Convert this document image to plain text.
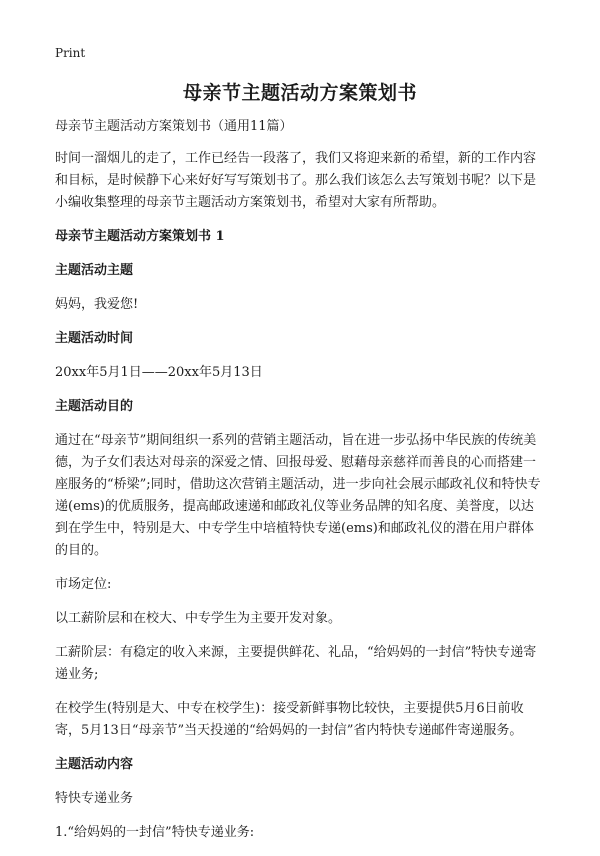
Print
母亲节主题活动方案策划书
母亲节主题活动方案策划书（通用11篇）
时间一溜烟儿的走了，工作已经告一段落了，我们又将迎来新的希望，新的工作内容和目标，是时候静下心来好好写写策划书了。那么我们该怎么去写策划书呢？以下是小编收集整理的母亲节主题活动方案策划书，希望对大家有所帮助。
母亲节主题活动方案策划书 1
主题活动主题
妈妈，我爱您!
主题活动时间
20xx年5月1日——20xx年5月13日
主题活动目的
通过在“母亲节”期间组织一系列的营销主题活动，旨在进一步弘扬中华民族的传统美德，为子女们表达对母亲的深爱之情、回报母爱、慰藉母亲慈祥而善良的心而搭建一座服务的“桥梁”;同时，借助这次营销主题活动，进一步向社会展示邮政礼仪和特快专递(ems)的优质服务，提高邮政速递和邮政礼仪等业务品牌的知名度、美誉度，以达到在学生中，特别是大、中专学生中培植特快专递(ems)和邮政礼仪的潜在用户群体的目的。
市场定位:
以工薪阶层和在校大、中专学生为主要开发对象。
工薪阶层：有稳定的收入来源，主要提供鲜花、礼品，“给妈妈的一封信”特快专递寄递业务;
在校学生(特别是大、中专在校学生)：接受新鲜事物比较快，主要提供5月6日前收寄，5月13日“母亲节”当天投递的“给妈妈的一封信”省内特快专递邮件寄递服务。
主题活动内容
特快专递业务
1.“给妈妈的一封信”特快专递业务:
